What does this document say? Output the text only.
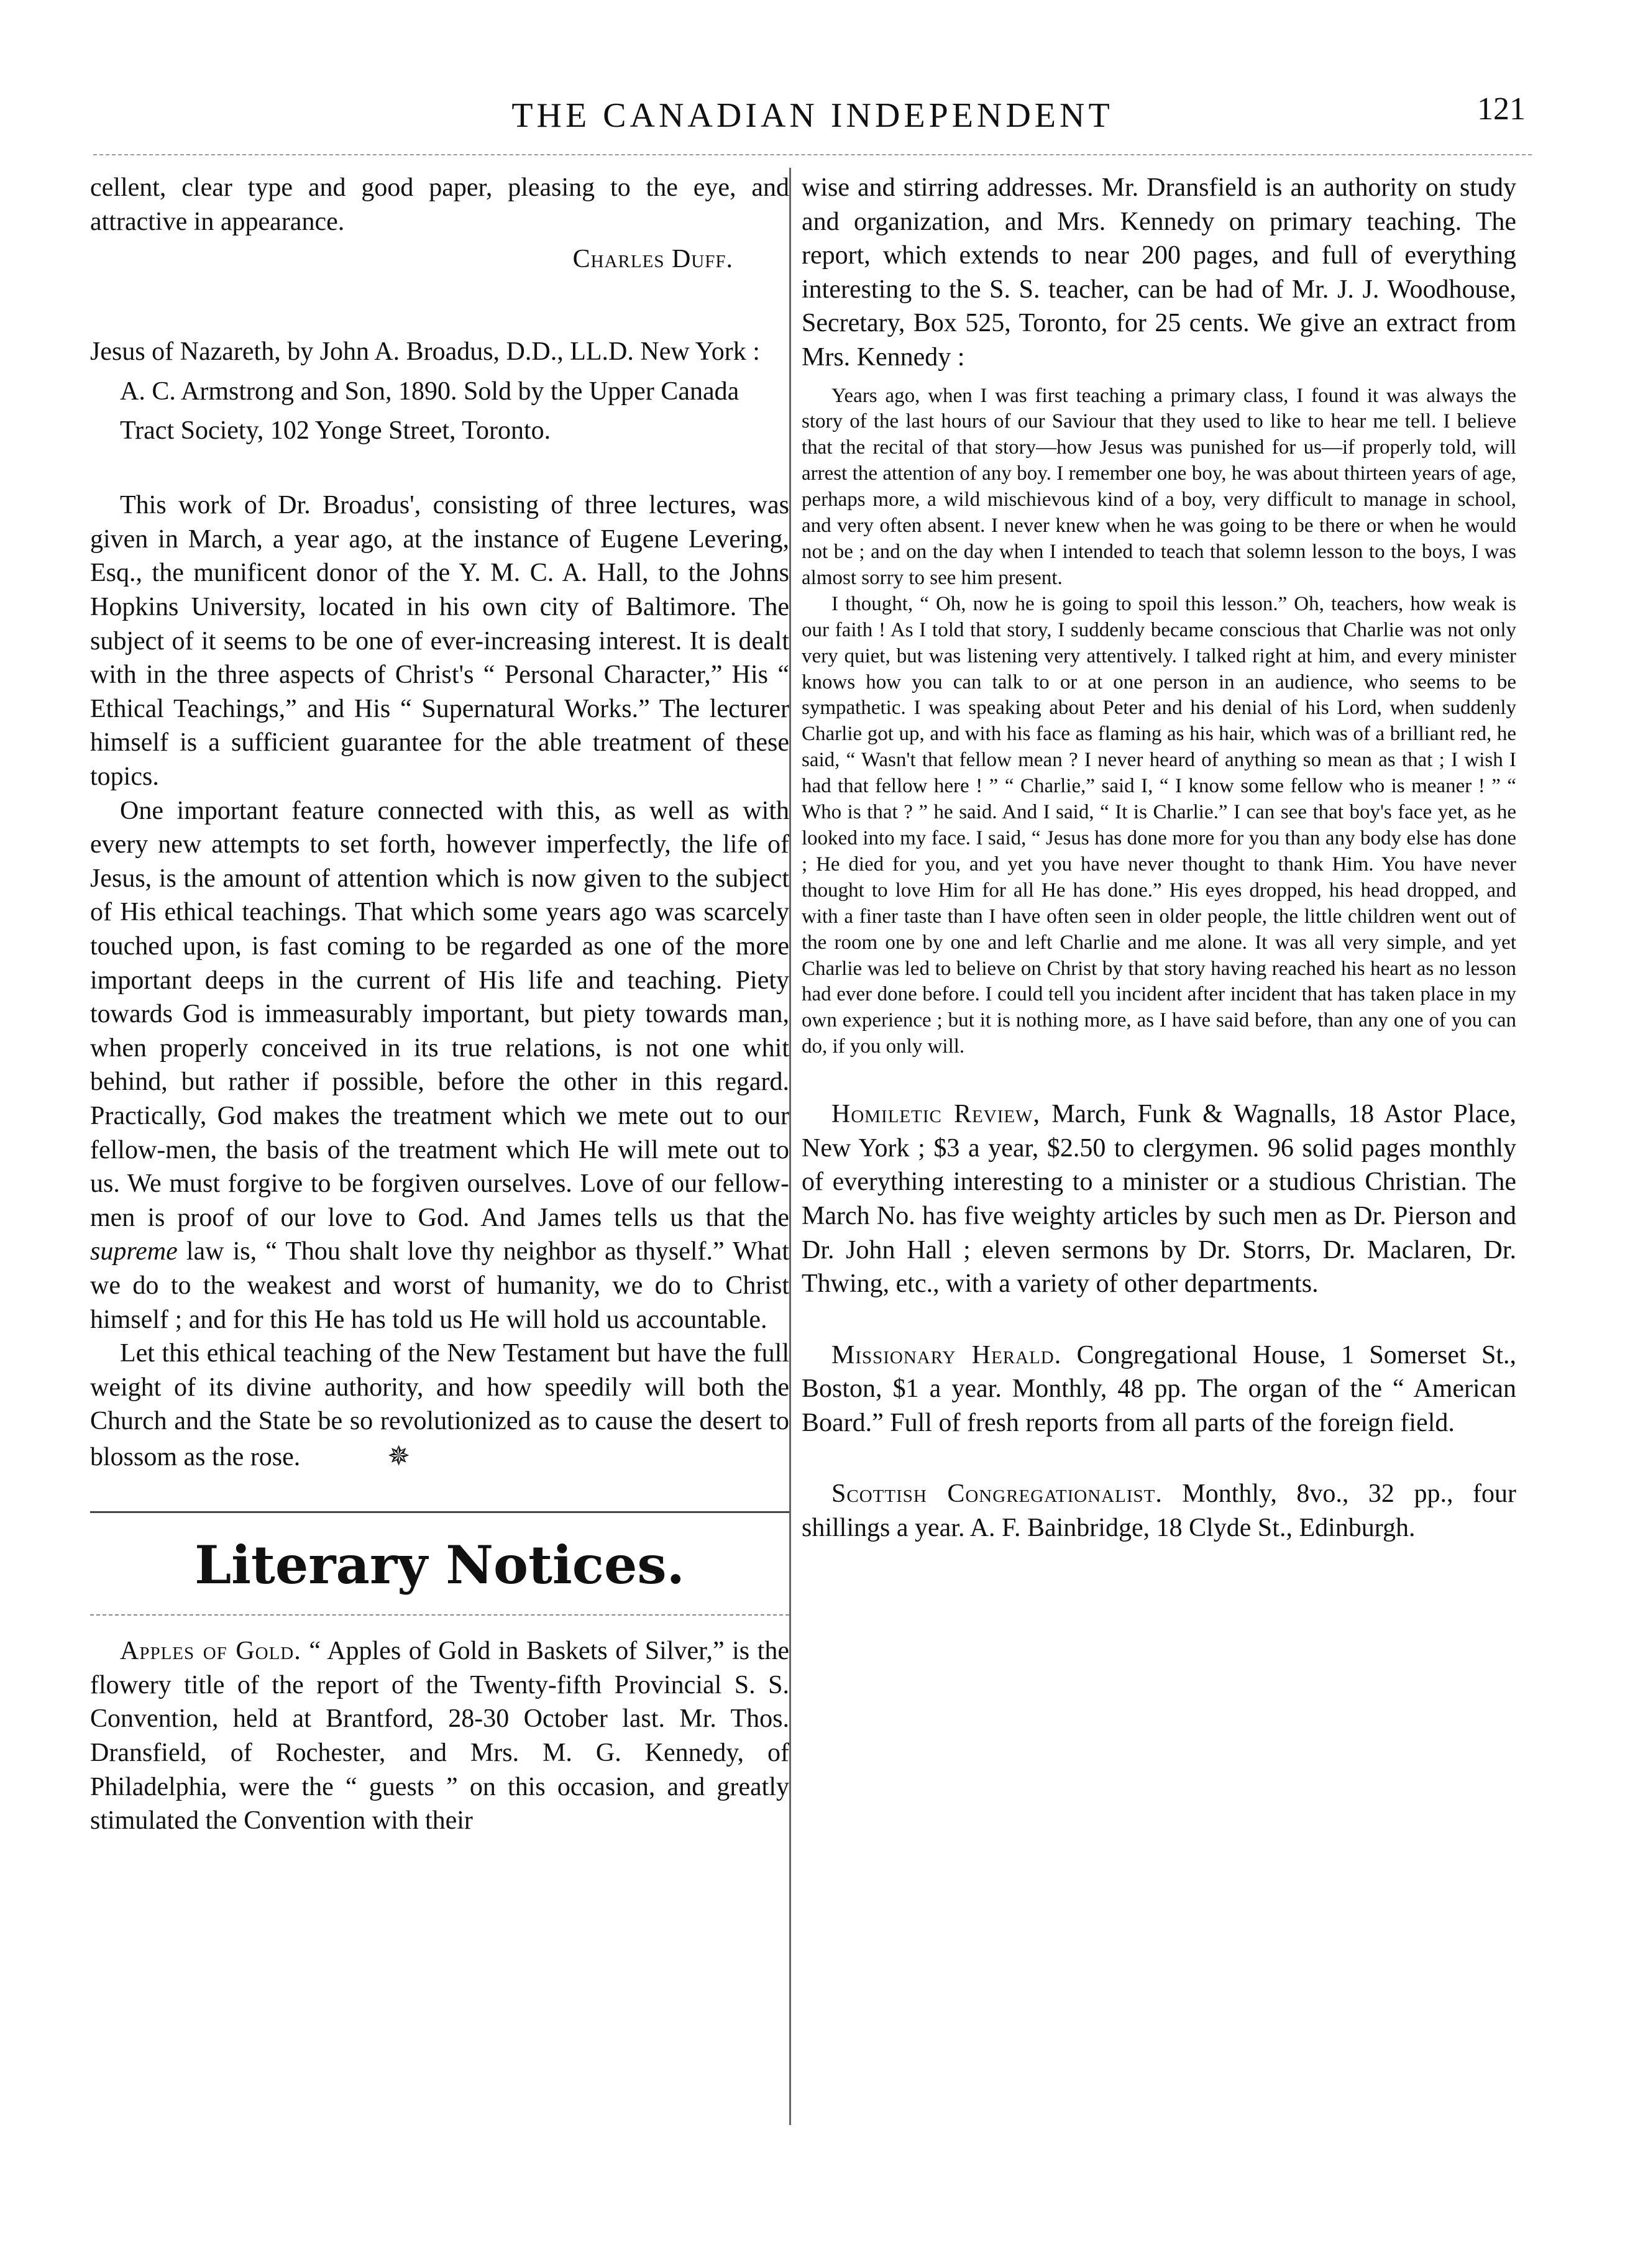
THE CANADIAN INDEPENDENT	121

cellent, clear type and good paper, pleasing to the eye, and attractive in appearance.

Charles Duff.

Jesus of Nazareth, by John A. Broadus, D.D., LL.D. New York : A. C. Armstrong and Son, 1890. Sold by the Upper Canada Tract Society, 102 Yonge Street, Toronto.

This work of Dr. Broadus', consisting of three lectures, was given in March, a year ago, at the instance of Eugene Levering, Esq., the munificent donor of the Y. M. C. A. Hall, to the Johns Hopkins University, located in his own city of Baltimore. The subject of it seems to be one of ever-increasing interest. It is dealt with in the three aspects of Christ's “ Personal Character,” His “ Ethical Teachings,” and His “ Supernatural Works.” The lecturer himself is a sufficient guarantee for the able treatment of these topics.

One important feature connected with this, as well as with every new attempts to set forth, however imperfectly, the life of Jesus, is the amount of attention which is now given to the subject of His ethical teachings. That which some years ago was scarcely touched upon, is fast coming to be regarded as one of the more important deeps in the current of His life and teaching. Piety towards God is immeasurably important, but piety towards man, when properly conceived in its true relations, is not one whit behind, but rather if possible, before the other in this regard. Practically, God makes the treatment which we mete out to our fellow-men, the basis of the treatment which He will mete out to us. We must forgive to be forgiven ourselves. Love of our fellow-men is proof of our love to God. And James tells us that the supreme law is, “ Thou shalt love thy neighbor as thyself.” What we do to the weakest and worst of humanity, we do to Christ himself ; and for this He has told us He will hold us accountable.

Let this ethical teaching of the New Testament but have the full weight of its divine authority, and how speedily will both the Church and the State be so revolutionized as to cause the desert to blossom as the rose.	✵

Literary Notices.

Apples of Gold. “ Apples of Gold in Baskets of Silver,” is the flowery title of the report of the Twenty-fifth Provincial S. S. Convention, held at Brantford, 28-30 October last. Mr. Thos. Dransfield, of Rochester, and Mrs. M. G. Kennedy, of Philadelphia, were the “ guests ” on this occasion, and greatly stimulated the Convention with their

wise and stirring addresses. Mr. Dransfield is an authority on study and organization, and Mrs. Kennedy on primary teaching. The report, which extends to near 200 pages, and full of everything interesting to the S. S. teacher, can be had of Mr. J. J. Woodhouse, Secretary, Box 525, Toronto, for 25 cents. We give an extract from Mrs. Kennedy :

Years ago, when I was first teaching a primary class, I found it was always the story of the last hours of our Saviour that they used to like to hear me tell. I believe that the recital of that story—how Jesus was punished for us—if properly told, will arrest the attention of any boy. I remember one boy, he was about thirteen years of age, perhaps more, a wild mischievous kind of a boy, very difficult to manage in school, and very often absent. I never knew when he was going to be there or when he would not be ; and on the day when I intended to teach that solemn lesson to the boys, I was almost sorry to see him present.

I thought, “ Oh, now he is going to spoil this lesson.” Oh, teachers, how weak is our faith ! As I told that story, I suddenly became conscious that Charlie was not only very quiet, but was listening very attentively. I talked right at him, and every minister knows how you can talk to or at one person in an audience, who seems to be sympathetic. I was speaking about Peter and his denial of his Lord, when suddenly Charlie got up, and with his face as flaming as his hair, which was of a brilliant red, he said, “ Wasn't that fellow mean ? I never heard of anything so mean as that ; I wish I had that fellow here ! ” “ Charlie,” said I, “ I know some fellow who is meaner ! ” “ Who is that ? ” he said. And I said, “ It is Charlie.” I can see that boy's face yet, as he looked into my face. I said, “ Jesus has done more for you than any body else has done ; He died for you, and yet you have never thought to thank Him. You have never thought to love Him for all He has done.” His eyes dropped, his head dropped, and with a finer taste than I have often seen in older people, the little children went out of the room one by one and left Charlie and me alone. It was all very simple, and yet Charlie was led to believe on Christ by that story having reached his heart as no lesson had ever done before. I could tell you incident after incident that has taken place in my own experience ; but it is nothing more, as I have said before, than any one of you can do, if you only will.

Homiletic Review, March, Funk & Wagnalls, 18 Astor Place, New York ; $3 a year, $2.50 to clergymen. 96 solid pages monthly of everything interesting to a minister or a studious Christian. The March No. has five weighty articles by such men as Dr. Pierson and Dr. John Hall ; eleven sermons by Dr. Storrs, Dr. Maclaren, Dr. Thwing, etc., with a variety of other departments.

Missionary Herald. Congregational House, 1 Somerset St., Boston, $1 a year. Monthly, 48 pp. The organ of the “ American Board.” Full of fresh reports from all parts of the foreign field.

Scottish Congregationalist. Monthly, 8vo., 32 pp., four shillings a year. A. F. Bainbridge, 18 Clyde St., Edinburgh.
